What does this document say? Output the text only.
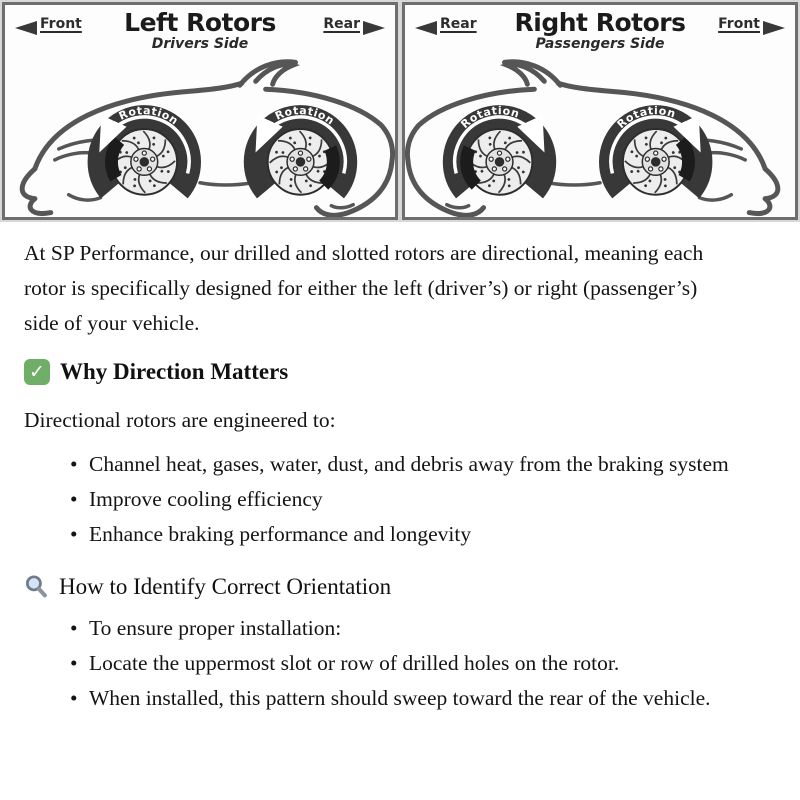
Front	Left Rotors
Drivers Side
Rear
Rotation	Rotation
Rear	Right Rotors
Passengers Side
Front
Rotation
Rotation

At SP Performance, our drilled and slotted rotors are directional, meaning each rotor is specifically designed for either the left (driver’s) or right (passenger’s) side of your vehicle.

✓ Why Direction Matters

Directional rotors are engineered to:

• Channel heat, gases, water, dust, and debris away from the braking system
• Improve cooling efficiency
• Enhance braking performance and longevity
How to Identify Correct Orientation
• To ensure proper installation:
• Locate the uppermost slot or row of drilled holes on the rotor.
• When installed, this pattern should sweep toward the rear of the vehicle.
